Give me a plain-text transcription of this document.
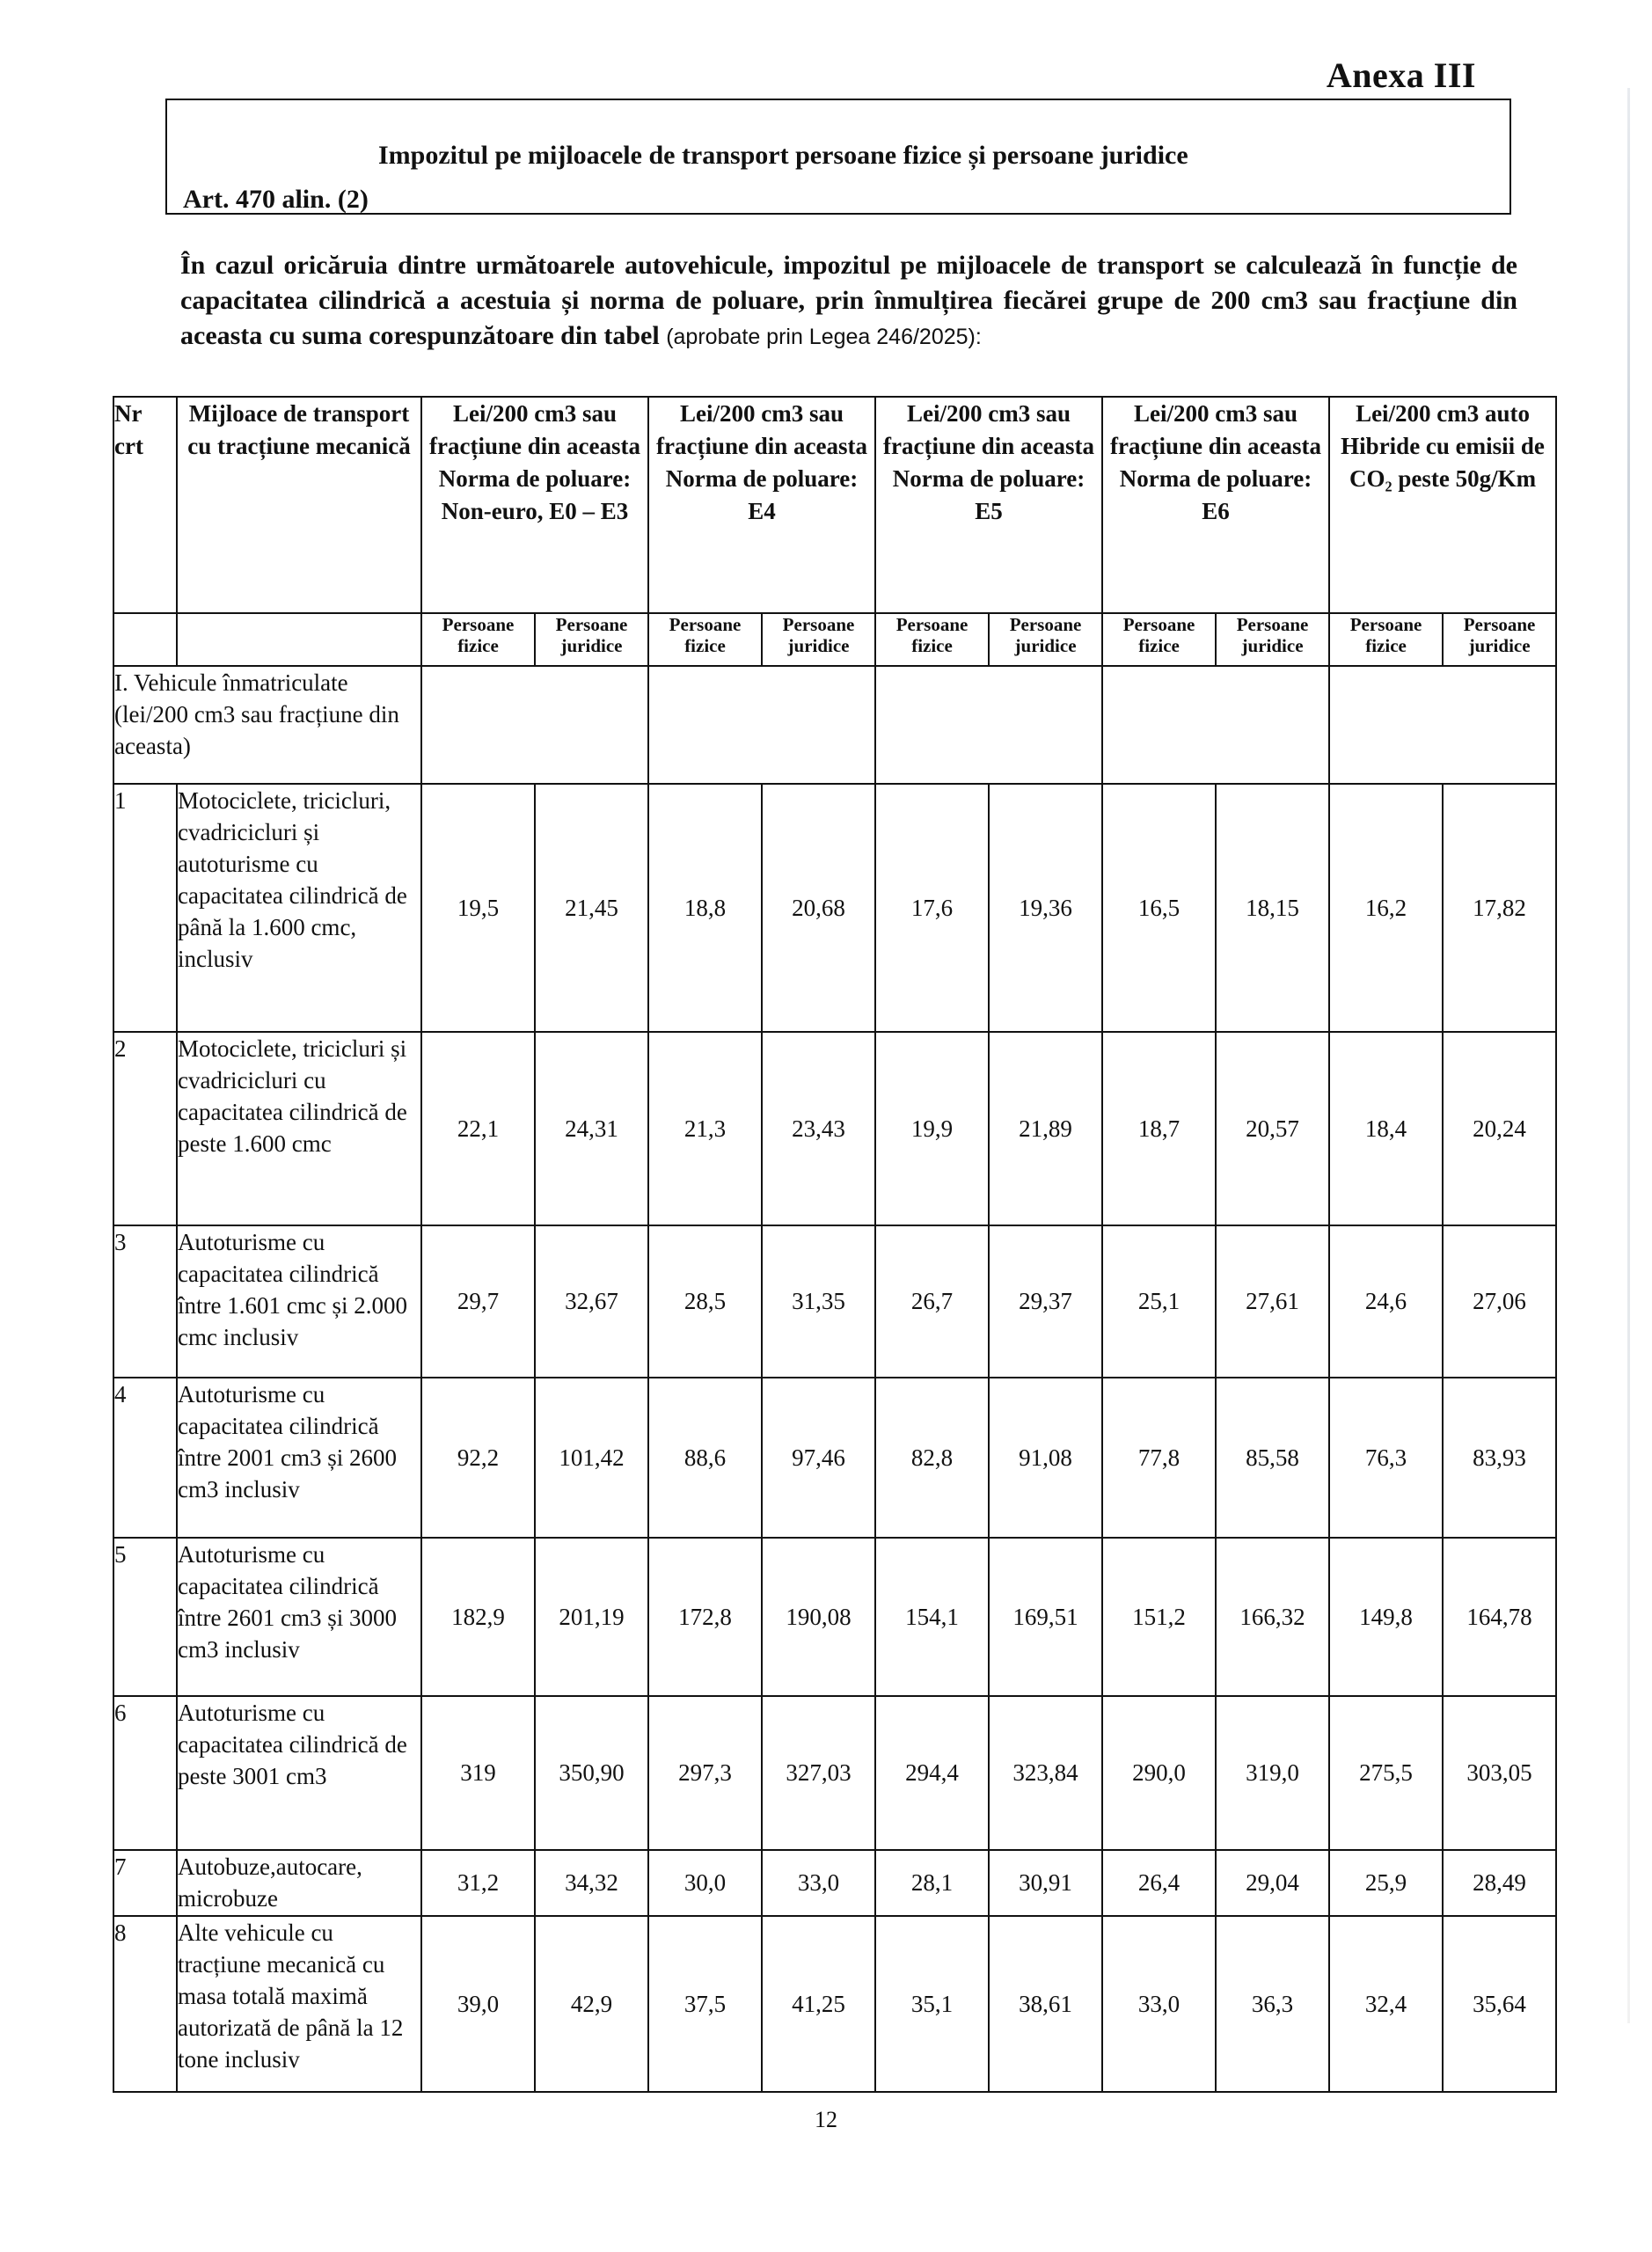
Anexa III
Impozitul pe mijloacele de transport persoane fizice și persoane juridice
Art. 470 alin. (2)
În cazul oricăruia dintre următoarele autovehicule, impozitul pe mijloacele de transport se calculează în funcție de capacitatea cilindrică a acestuia și norma de poluare, prin înmulțirea fiecărei grupe de 200 cm3 sau fracțiune din aceasta cu suma corespunzătoare din tabel (aprobate prin Legea 246/2025):
Nr crt	Mijloace de transport cu tracțiune mecanică	Lei/200 cm3 sau fracțiune din aceasta Norma de poluare: Non-euro, E0 – E3		Lei/200 cm3 sau fracțiune din aceasta Norma de poluare: E4		Lei/200 cm3 sau fracțiune din aceasta Norma de poluare: E5		Lei/200 cm3 sau fracțiune din aceasta Norma de poluare: E6		Lei/200 cm3 auto Hibride cu emisii de CO₂ peste 50g/Km	
		Persoane fizice	Persoane juridice	Persoane fizice	Persoane juridice	Persoane fizice	Persoane juridice	Persoane fizice	Persoane juridice	Persoane fizice	Persoane juridice
I. Vehicule înmatriculate (lei/200 cm3 sau fracțiune din aceasta)											
1	Motociclete, tricicluri, cvadricicluri și autoturisme cu capacitatea cilindrică de până la 1.600 cmc, inclusiv	19,5	21,45	18,8	20,68	17,6	19,36	16,5	18,15	16,2	17,82
2	Motociclete, tricicluri și cvadricicluri cu capacitatea cilindrică de peste 1.600 cmc	22,1	24,31	21,3	23,43	19,9	21,89	18,7	20,57	18,4	20,24
3	Autoturisme cu capacitatea cilindrică între 1.601 cmc și 2.000 cmc inclusiv	29,7	32,67	28,5	31,35	26,7	29,37	25,1	27,61	24,6	27,06
4	Autoturisme cu capacitatea cilindrică între 2001 cm3 și 2600 cm3 inclusiv	92,2	101,42	88,6	97,46	82,8	91,08	77,8	85,58	76,3	83,93
5	Autoturisme cu capacitatea cilindrică între 2601 cm3 și 3000 cm3 inclusiv	182,9	201,19	172,8	190,08	154,1	169,51	151,2	166,32	149,8	164,78
6	Autoturisme cu capacitatea cilindrică de peste 3001 cm3	319	350,90	297,3	327,03	294,4	323,84	290,0	319,0	275,5	303,05
7	Autobuze,autocare, microbuze	31,2	34,32	30,0	33,0	28,1	30,91	26,4	29,04	25,9	28,49
8	Alte vehicule cu tracțiune mecanică cu masa totală maximă autorizată de până la 12 tone inclusiv	39,0	42,9	37,5	41,25	35,1	38,61	33,0	36,3	32,4	35,64
12
